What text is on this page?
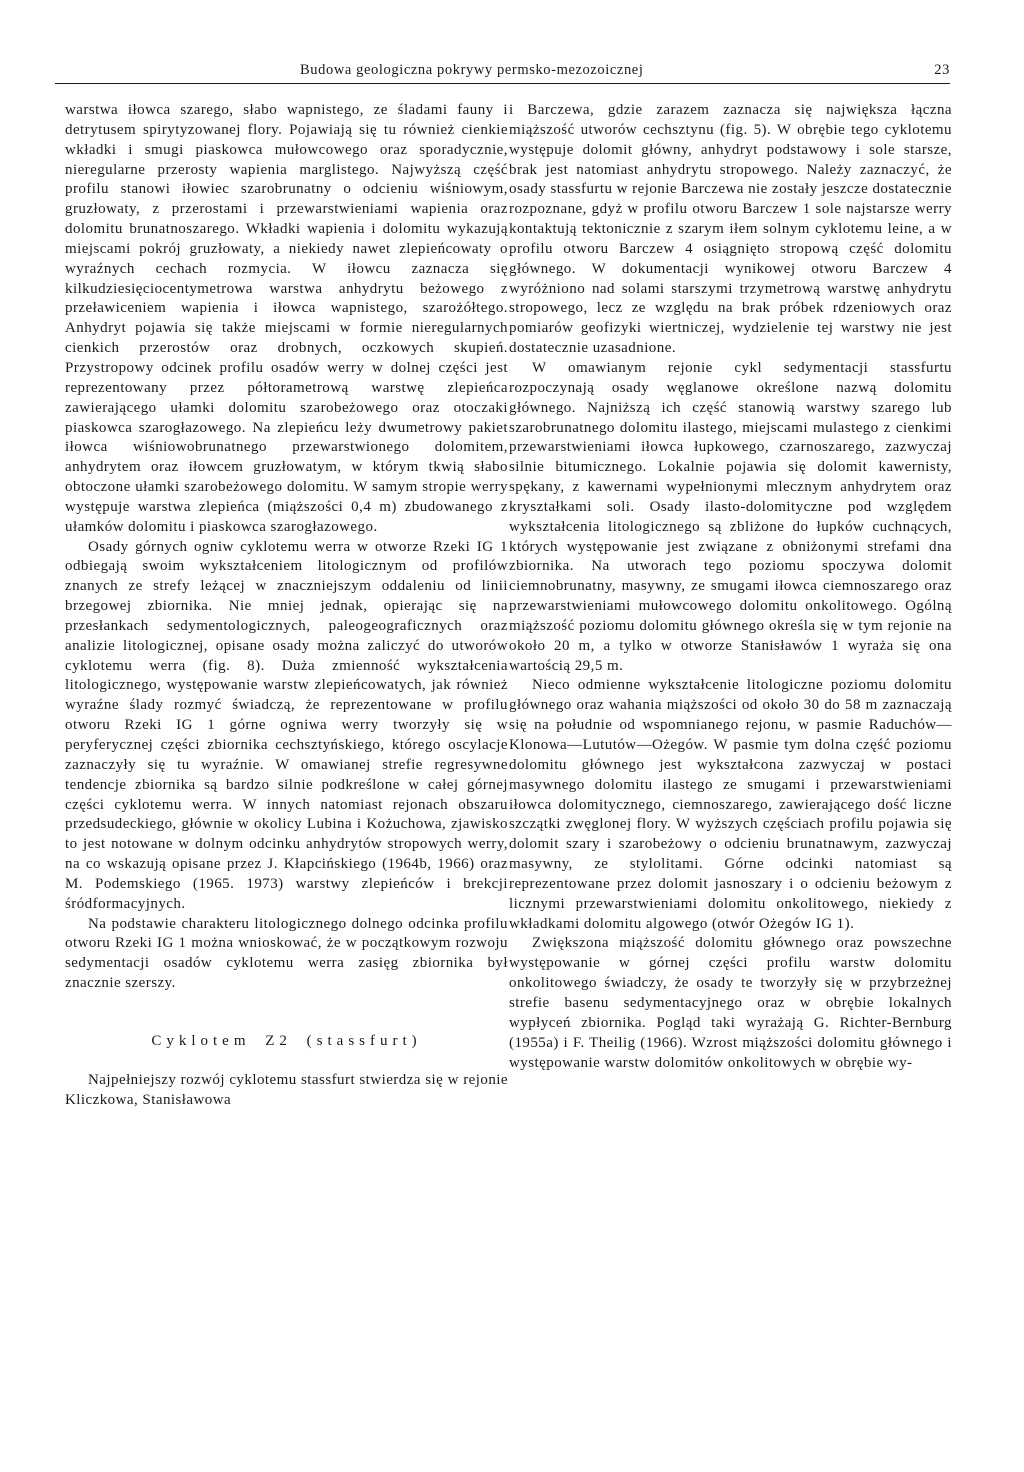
Budowa geologiczna pokrywy permsko-mezozoicznej	23

warstwa iłowca szarego, słabo wapnistego, ze śladami fauny i detrytusem spirytyzowanej flory. Pojawiają się tu również cienkie wkładki i smugi piaskowca mułowcowego oraz sporadycznie, nieregularne przerosty wapienia marglistego. Najwyższą część profilu stanowi iłowiec szarobrunatny o odcieniu wiśniowym, gruzłowaty, z przerostami i przewarstwieniami wapienia oraz dolomitu brunatnoszarego. Wkładki wapienia i dolomitu wykazują miejscami pokrój gruzłowaty, a niekiedy nawet zlepieńcowaty o wyraźnych cechach rozmycia. W iłowcu zaznacza się kilkudziesięciocentymetrowa warstwa anhydrytu beżowego z przeławiceniem wapienia i iłowca wapnistego, szarożółtego. Anhydryt pojawia się także miejscami w formie nieregularnych cienkich przerostów oraz drobnych, oczkowych skupień. Przystropowy odcinek profilu osadów werry w dolnej części jest reprezentowany przez półtorametrową warstwę zlepieńca zawierającego ułamki dolomitu szarobeżowego oraz otoczaki piaskowca szarogłazowego. Na zlepieńcu leży dwumetrowy pakiet iłowca wiśniowobrunatnego przewarstwionego dolomitem, anhydrytem oraz iłowcem gruzłowatym, w którym tkwią słabo obtoczone ułamki szarobeżowego dolomitu. W samym stropie werry występuje warstwa zlepieńca (miąższości 0,4 m) zbudowanego z ułamków dolomitu i piaskowca szarogłazowego.

Osady górnych ogniw cyklotemu werra w otworze Rzeki IG 1 odbiegają swoim wykształceniem litologicznym od profilów znanych ze strefy leżącej w znaczniejszym oddaleniu od linii brzegowej zbiornika. Nie mniej jednak, opierając się na przesłankach sedymentologicznych, paleogeograficznych oraz analizie litologicznej, opisane osady można zaliczyć do utworów cyklotemu werra (fig. 8). Duża zmienność wykształcenia litologicznego, występowanie warstw zlepieńcowatych, jak również wyraźne ślady rozmyć świadczą, że reprezentowane w profilu otworu Rzeki IG 1 górne ogniwa werry tworzyły się w peryferycznej części zbiornika cechsztyńskiego, którego oscylacje zaznaczyły się tu wyraźnie. W omawianej strefie regresywne tendencje zbiornika są bardzo silnie podkreślone w całej górnej części cyklotemu werra. W innych natomiast rejonach obszaru przedsudeckiego, głównie w okolicy Lubina i Kożuchowa, zjawisko to jest notowane w dolnym odcinku anhydrytów stropowych werry, na co wskazują opisane przez J. Kłapcińskiego (1964b, 1966) oraz M. Podemskiego (1965. 1973) warstwy zlepieńców i brekcji śródformacyjnych.

Na podstawie charakteru litologicznego dolnego odcinka profilu otworu Rzeki IG 1 można wnioskować, że w początkowym rozwoju sedymentacji osadów cyklotemu werra zasięg zbiornika był znacznie szerszy.

Cyklotem Z2 (stassfurt)

Najpełniejszy rozwój cyklotemu stassfurt stwierdza się w rejonie Kliczkowa, Stanisławowa

i Barczewa, gdzie zarazem zaznacza się największa łączna miąższość utworów cechsztynu (fig. 5). W obrębie tego cyklotemu występuje dolomit główny, anhydryt podstawowy i sole starsze, brak jest natomiast anhydrytu stropowego. Należy zaznaczyć, że osady stassfurtu w rejonie Barczewa nie zostały jeszcze dostatecznie rozpoznane, gdyż w profilu otworu Barczew 1 sole najstarsze werry kontaktują tektonicznie z szarym iłem solnym cyklotemu leine, a w profilu otworu Barczew 4 osiągnięto stropową część dolomitu głównego. W dokumentacji wynikowej otworu Barczew 4 wyróżniono nad solami starszymi trzymetrową warstwę anhydrytu stropowego, lecz ze względu na brak próbek rdzeniowych oraz pomiarów geofizyki wiertniczej, wydzielenie tej warstwy nie jest dostatecznie uzasadnione.

W omawianym rejonie cykl sedymentacji stassfurtu rozpoczynają osady węglanowe określone nazwą dolomitu głównego. Najniższą ich część stanowią warstwy szarego lub szarobrunatnego dolomitu ilastego, miejscami mulastego z cienkimi przewarstwieniami iłowca łupkowego, czarnoszarego, zazwyczaj silnie bitumicznego. Lokalnie pojawia się dolomit kawernisty, spękany, z kawernami wypełnionymi mlecznym anhydrytem oraz kryształkami soli. Osady ilasto-dolomityczne pod względem wykształcenia litologicznego są zbliżone do łupków cuchnących, których występowanie jest związane z obniżonymi strefami dna zbiornika. Na utworach tego poziomu spoczywa dolomit ciemnobrunatny, masywny, ze smugami iłowca ciemnoszarego oraz przewarstwieniami mułowcowego dolomitu onkolitowego. Ogólną miąższość poziomu dolomitu głównego określa się w tym rejonie na około 20 m, a tylko w otworze Stanisławów 1 wyraża się ona wartością 29,5 m.

Nieco odmienne wykształcenie litologiczne poziomu dolomitu głównego oraz wahania miąższości od około 30 do 58 m zaznaczają się na południe od wspomnianego rejonu, w pasmie Raduchów—Klonowa—Lututów—Ożegów. W pasmie tym dolna część poziomu dolomitu głównego jest wykształcona zazwyczaj w postaci masywnego dolomitu ilastego ze smugami i przewarstwieniami iłowca dolomitycznego, ciemnoszarego, zawierającego dość liczne szczątki zwęglonej flory. W wyższych częściach profilu pojawia się dolomit szary i szarobeżowy o odcieniu brunatnawym, zazwyczaj masywny, ze stylolitami. Górne odcinki natomiast są reprezentowane przez dolomit jasnoszary i o odcieniu beżowym z licznymi przewarstwieniami dolomitu onkolitowego, niekiedy z wkładkami dolomitu algowego (otwór Ożegów IG 1).

Zwiększona miąższość dolomitu głównego oraz powszechne występowanie w górnej części profilu warstw dolomitu onkolitowego świadczy, że osady te tworzyły się w przybrzeżnej strefie basenu sedymentacyjnego oraz w obrębie lokalnych wypłyceń zbiornika. Pogląd taki wyrażają G. Richter-Bernburg (1955a) i F. Theilig (1966). Wzrost miąższości dolomitu głównego i występowanie warstw dolomitów onkolitowych w obrębie wy-
